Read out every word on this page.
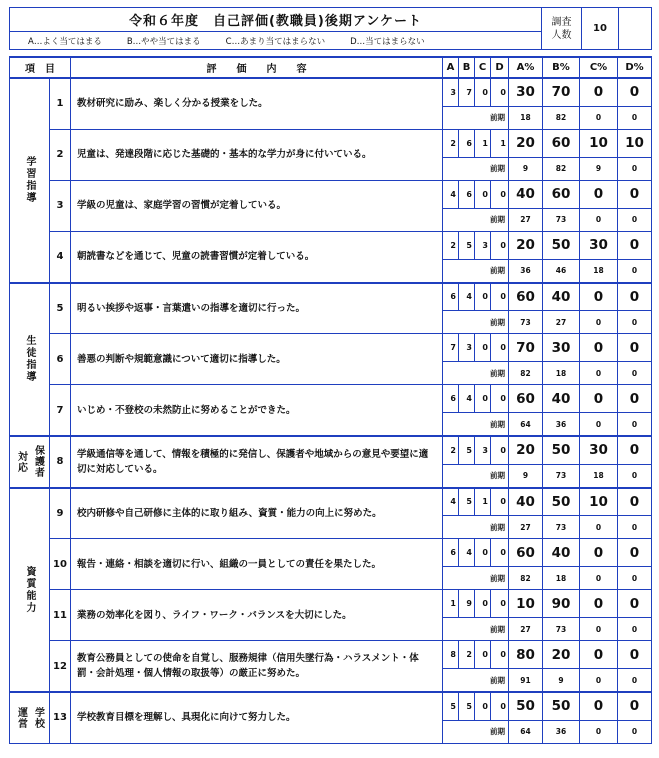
令和６年度　自己評価(教職員)後期アンケート	調査
人数
	10	
A…よく当てはまる	B…やや当てはまる	C…あまり当てはまらない	D…当てはまらない
項　目		評　　価　　内　　容	A	B	C	D	A%	B%	C%	D%

学習指導	1	教材研究に励み、楽しく分かる授業をした。	3	7	0	0	30	70	0	0
			前期				18	82	0	0
	2	児童は、発達段階に応じた基礎的・基本的な学力が身に付いている。	2	6	1	1	20	60	10	10
			前期				9	82	9	0
	3	学級の児童は、家庭学習の習慣が定着している。	4	6	0	0	40	60	0	0
			前期				27	73	0	0
	4	朝読書などを通じて、児童の読書習慣が定着している。	2	5	3	0	20	50	30	0
			前期				36	46	18	0

生徒指導	5	明るい挨拶や返事・言葉遣いの指導を適切に行った。	6	4	0	0	60	40	0	0
			前期				73	27	0	0
	6	善悪の判断や規範意識について適切に指導した。	7	3	0	0	70	30	0	0
			前期				82	18	0	0
	7	いじめ・不登校の未然防止に努めることができた。	6	4	0	0	60	40	0	0
			前期				64	36	0	0

対応 保護者	8	学級通信等を通して、情報を積極的に発信し、保護者や地域からの意見や要望に適切に対応している。	2	5	3	0	20	50	30	0
			前期				9	73	18	0

資質能力	9	校内研修や自己研修に主体的に取り組み、資質・能力の向上に努めた。	4	5	1	0	40	50	10	0
			前期				27	73	0	0
	10	報告・連絡・相談を適切に行い、組織の一員としての責任を果たした。	6	4	0	0	60	40	0	0
			前期				82	18	0	0
	11	業務の効率化を図り、ライフ・ワーク・バランスを大切にした。	1	9	0	0	10	90	0	0
			前期				27	73	0	0
	12	教育公務員としての使命を自覚し、服務規律（信用失墜行為・ハラスメント・体罰・会計処理・個人情報の取扱等）の厳正に努めた。	8	2	0	0	80	20	0	0
			前期				91	9	0	0

運営 学校	13	学校教育目標を理解し、具現化に向けて努力した。	5	5	0	0	50	50	0	0
			前期				64	36	0	0
